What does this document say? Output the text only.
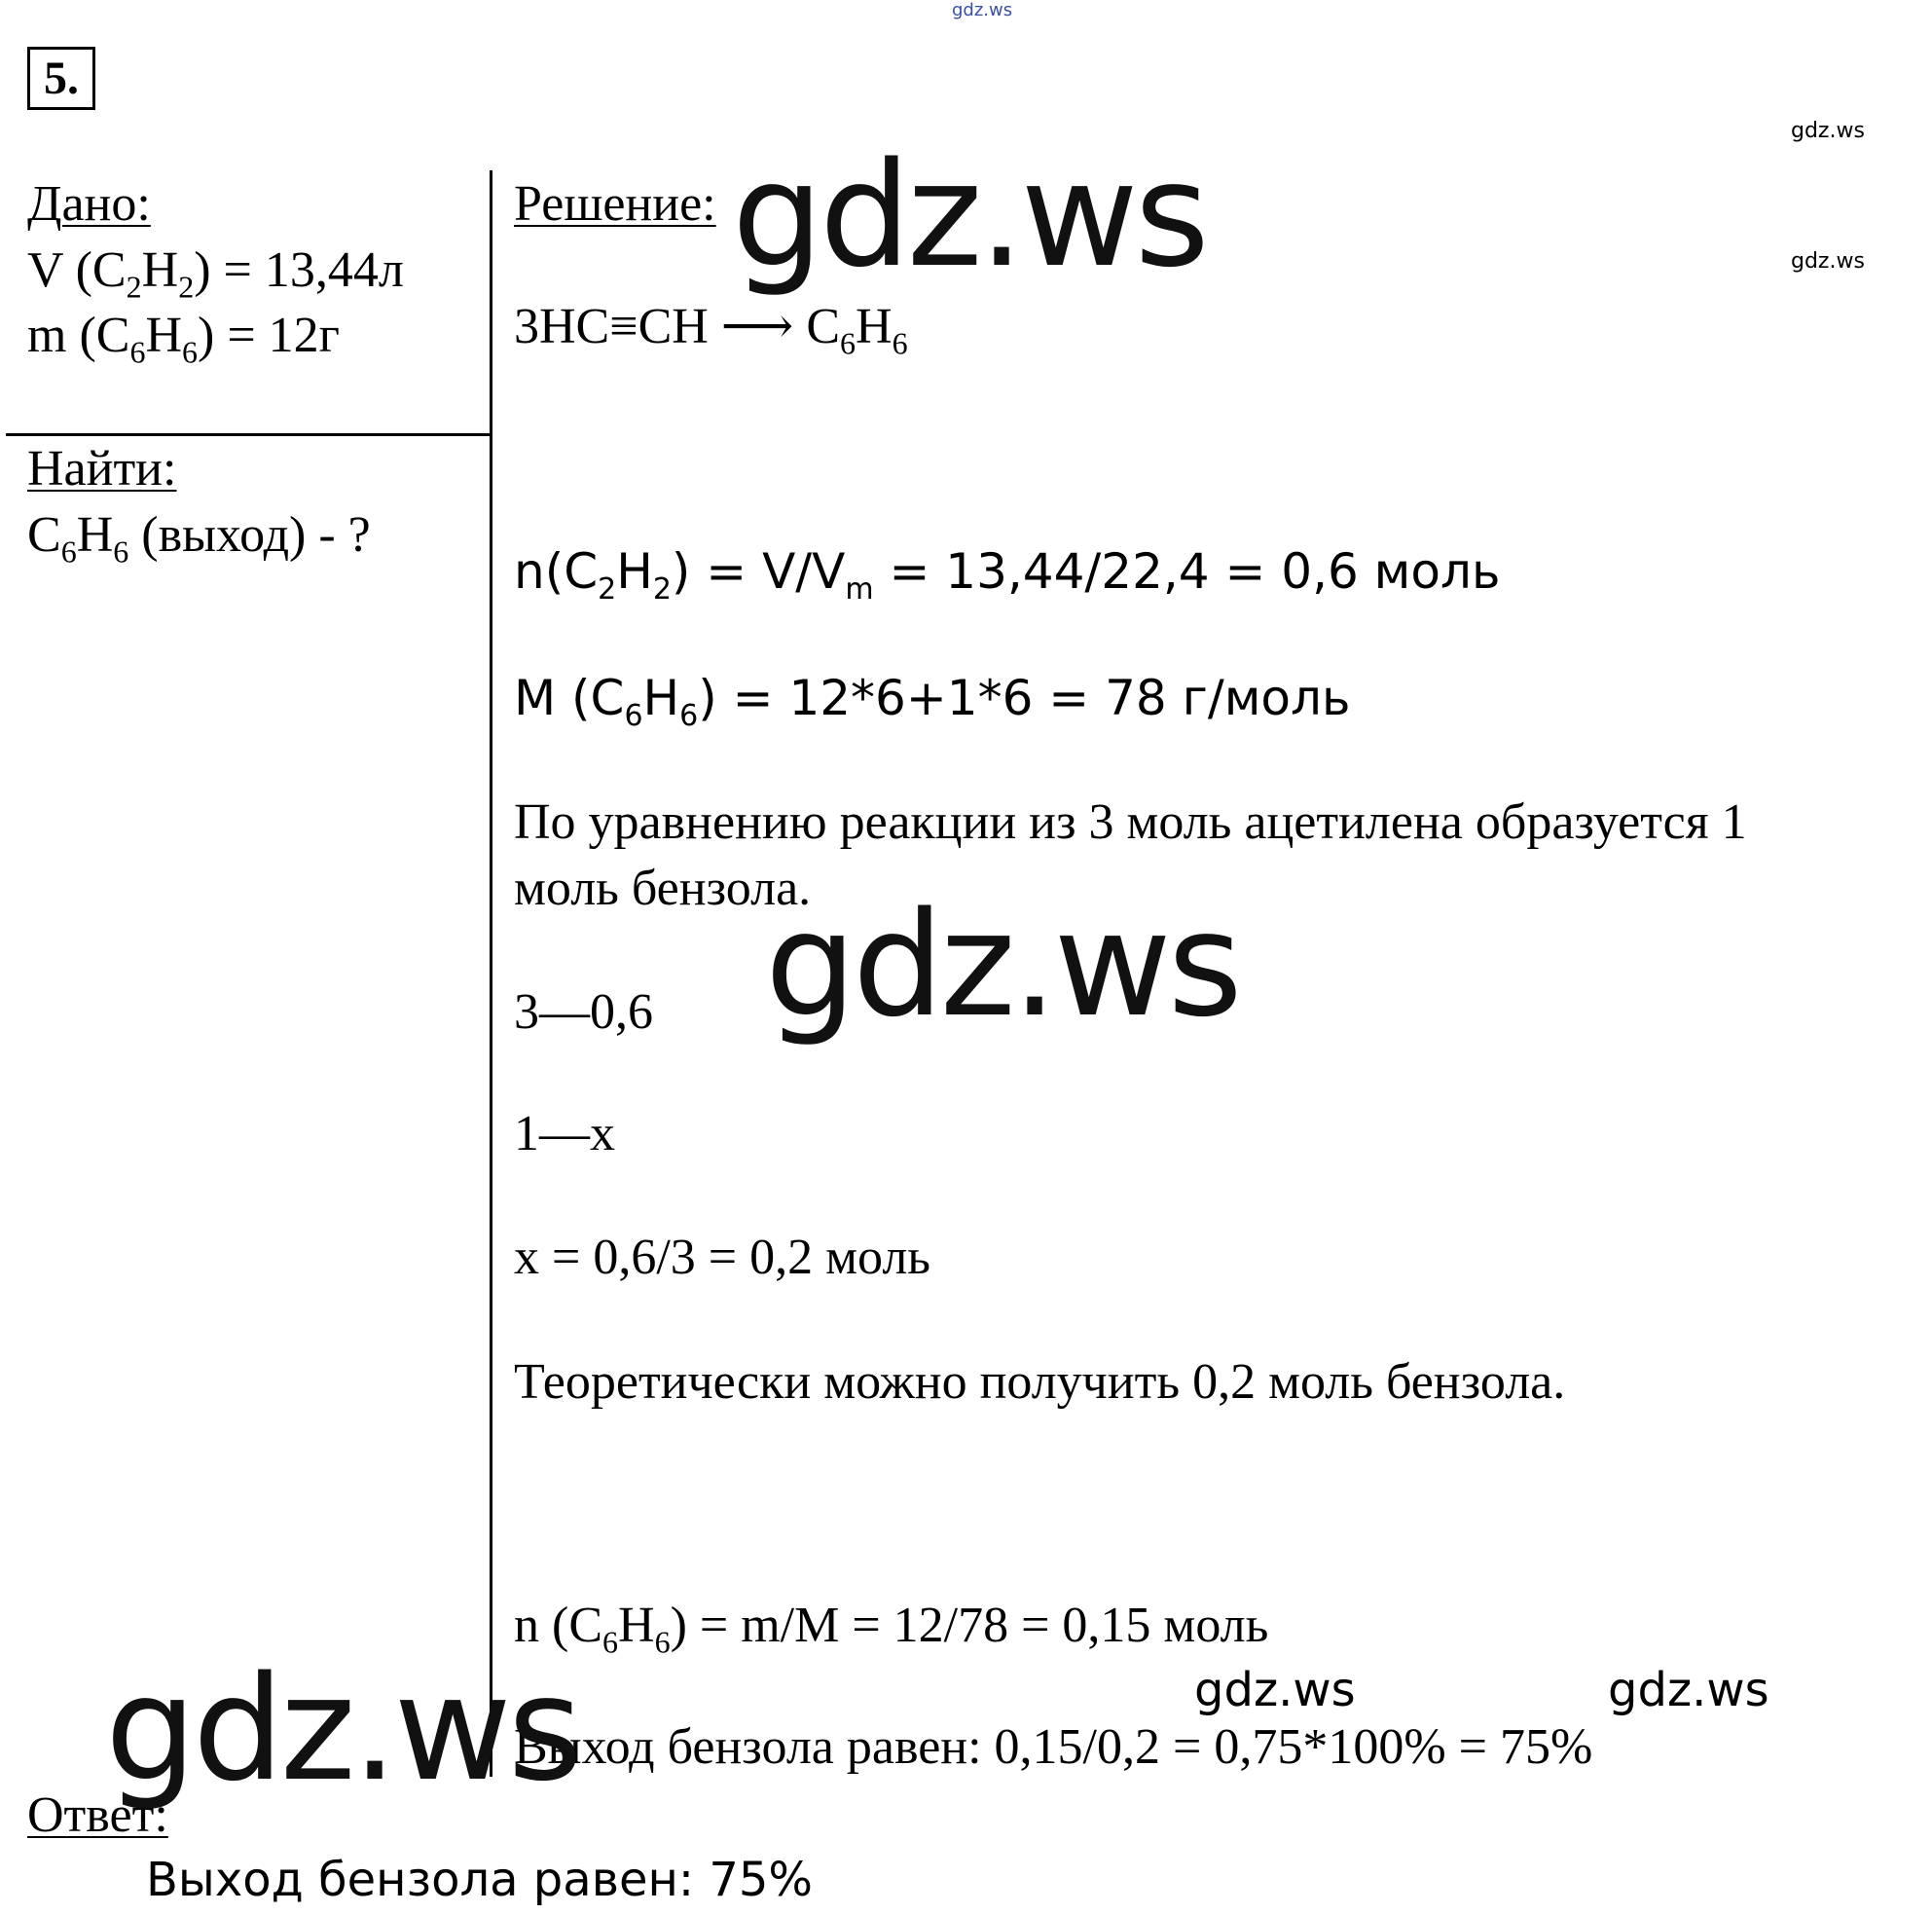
gdz.ws
gdz.ws
gdz.ws
5.
Дано:
V $(C_2H_2) = 13,44л$
m $(C_6H_6) = 12г$
Найти:
$C_6H_6$ (выход) - ?
Решение:
3HC≡CH ⟶ $C_6H_6$
$n(C_2H_2) = V/V_m = 13,44/22,4 = 0,6$ моль
M $(C_6H_6) = 12*6+1*6 = 78$ г/моль
По уравнению реакции из 3 моль ацетилена образуется 1
моль бензола.
3—0,6
1—x
x = 0,6/3 = 0,2 моль
Теоретически можно получить 0,2 моль бензола.
n $(C_6H_6) = m/M = 12/78 = 0,15$ моль
Выход бензола равен: 0,15/0,2 = 0,75*100% = 75%
Ответ:
Выход бензола равен: 75%
gdz.ws
gdz.ws
gdz.ws	gdz.ws	gdz.ws
